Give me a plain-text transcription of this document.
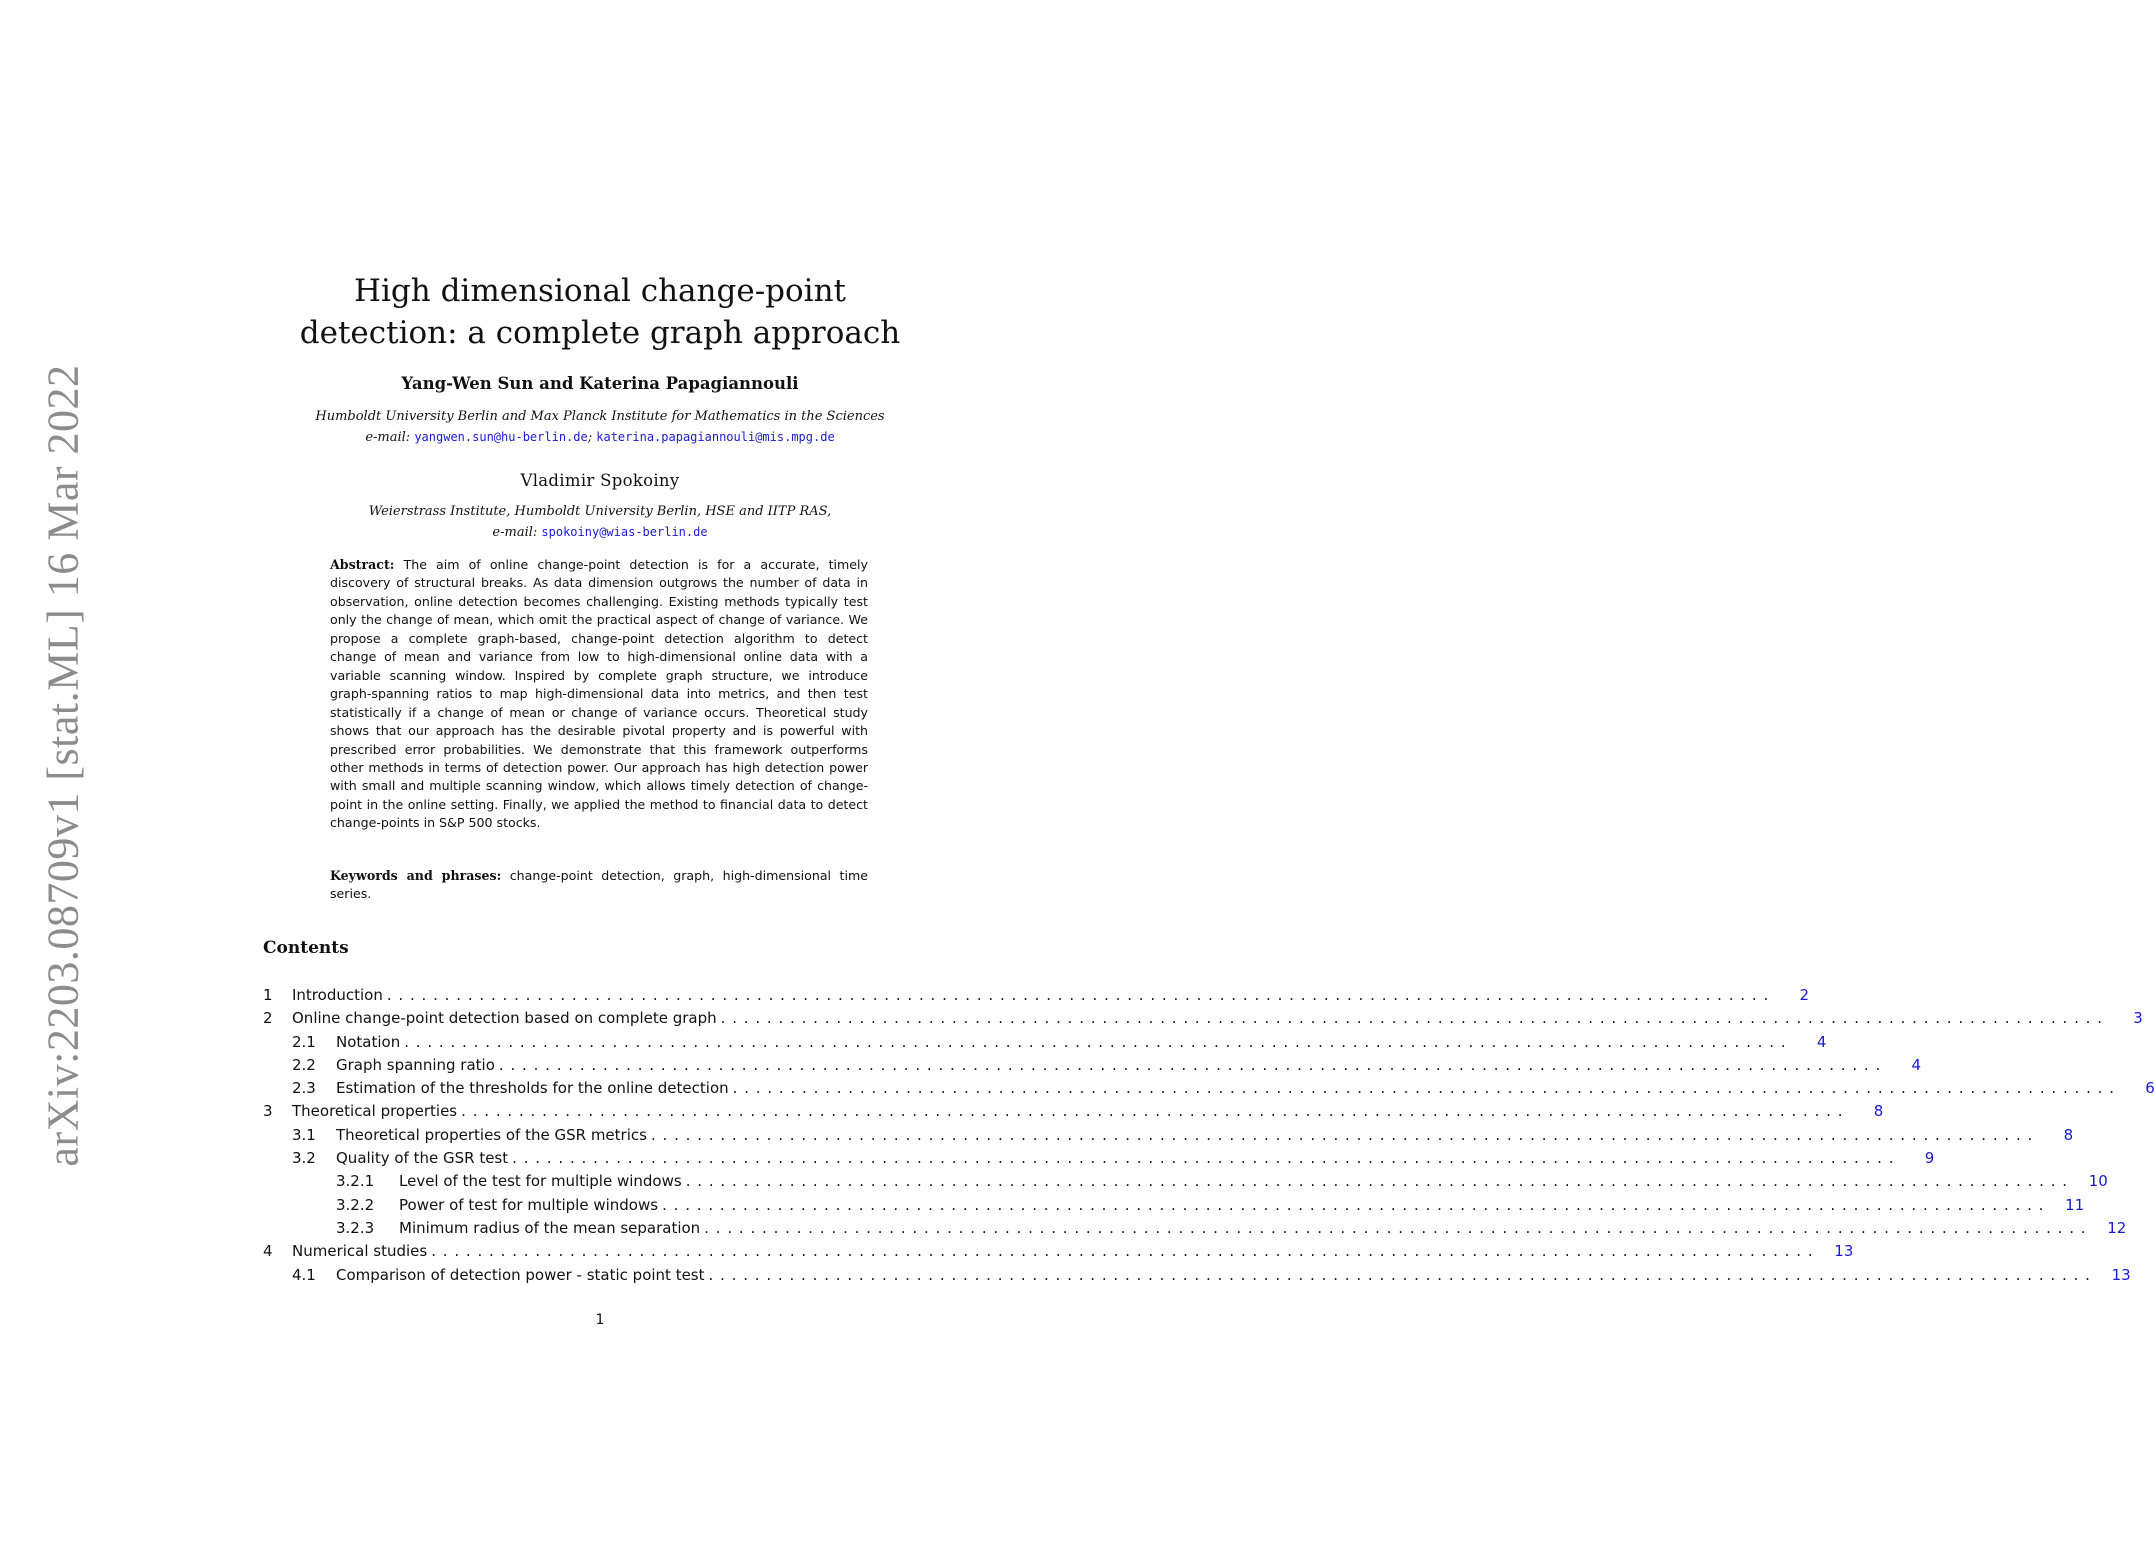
arXiv:2203.08709v1 [stat.ML] 16 Mar 2022
High dimensional change-point
detection: a complete graph approach
Yang-Wen Sun and Katerina Papagiannouli
Humboldt University Berlin and Max Planck Institute for Mathematics in the Sciences
e-mail: yangwen.sun@hu-berlin.de; katerina.papagiannouli@mis.mpg.de
Vladimir Spokoiny
Weierstrass Institute, Humboldt University Berlin, HSE and IITP RAS,
e-mail: spokoiny@wias-berlin.de

Abstract: The aim of online change-point detection is for a accurate, timely discovery of structural breaks. As data dimension outgrows the number of data in observation, online detection becomes challenging. Existing methods typically test only the change of mean, which omit the practical aspect of change of variance. We propose a complete graph-based, change-point detection algorithm to detect change of mean and variance from low to high-dimensional online data with a variable scanning window. Inspired by complete graph structure, we introduce graph-spanning ratios to map high-dimensional data into metrics, and then test statistically if a change of mean or change of variance occurs. Theoretical study shows that our approach has the desirable pivotal property and is powerful with prescribed error probabilities. We demonstrate that this framework outperforms other methods in terms of detection power. Our approach has high detection power with small and multiple scanning window, which allows timely detection of change-point in the online setting. Finally, we applied the method to financial data to detect change-points in S&P 500 stocks.

Keywords and phrases: change-point detection, graph, high-dimensional time series.

Contents
1	Introduction ........................................................................................................................	2
2	Online change-point detection based on complete graph ........................................................................................................................	3
2.1	Notation ........................................................................................................................	4
2.2	Graph spanning ratio ........................................................................................................................	4
2.3	Estimation of the thresholds for the online detection ........................................................................................................................	6
3	Theoretical properties ........................................................................................................................	8
3.1	Theoretical properties of the GSR metrics ........................................................................................................................	8
3.2	Quality of the GSR test ........................................................................................................................	9
3.2.1	Level of the test for multiple windows ........................................................................................................................ 10
3.2.2	Power of test for multiple windows ........................................................................................................................ 11
3.2.3	Minimum radius of the mean separation ........................................................................................................................ 12
4	Numerical studies ........................................................................................................................ 13
4.1	Comparison of detection power - static point test ........................................................................................................................ 13
1
